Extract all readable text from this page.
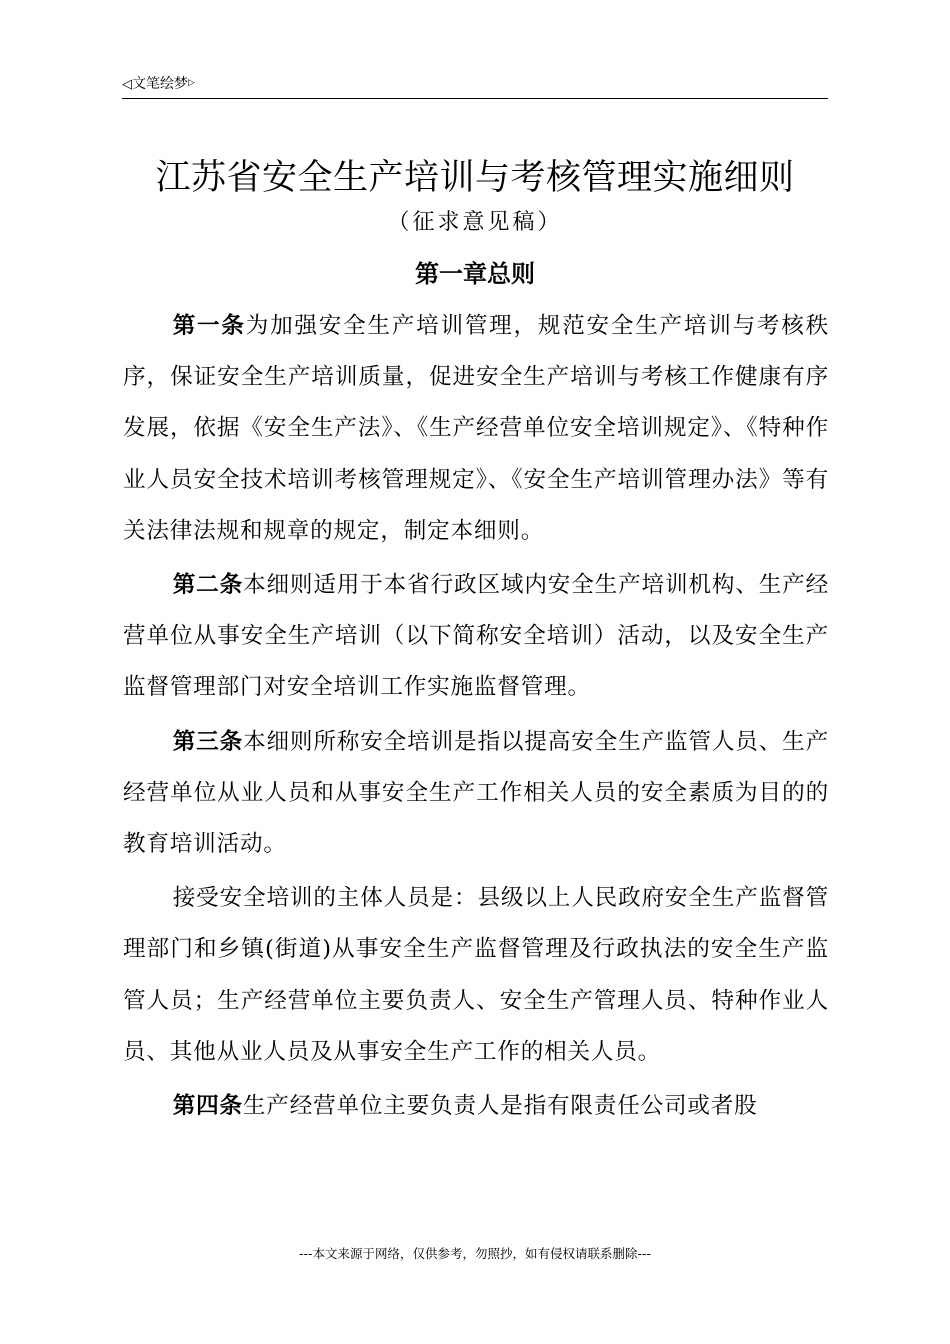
◁文笔绘梦▷
江苏省安全生产培训与考核管理实施细则
（征求意见稿）
第一章总则

第一条为加强安全生产培训管理，规范安全生产培训与考核秩序，保证安全生产培训质量，促进安全生产培训与考核工作健康有序发展，依据《安全生产法》、《生产经营单位安全培训规定》、《特种作业人员安全技术培训考核管理规定》、《安全生产培训管理办法》等有关法律法规和规章的规定，制定本细则。

第二条本细则适用于本省行政区域内安全生产培训机构、生产经营单位从事安全生产培训（以下简称安全培训）活动，以及安全生产监督管理部门对安全培训工作实施监督管理。

第三条本细则所称安全培训是指以提高安全生产监管人员、生产经营单位从业人员和从事安全生产工作相关人员的安全素质为目的的教育培训活动。

接受安全培训的主体人员是：县级以上人民政府安全生产监督管理部门和乡镇(街道)从事安全生产监督管理及行政执法的安全生产监管人员；生产经营单位主要负责人、安全生产管理人员、特种作业人员、其他从业人员及从事安全生产工作的相关人员。

第四条生产经营单位主要负责人是指有限责任公司或者股

---本文来源于网络，仅供参考，勿照抄，如有侵权请联系删除---
